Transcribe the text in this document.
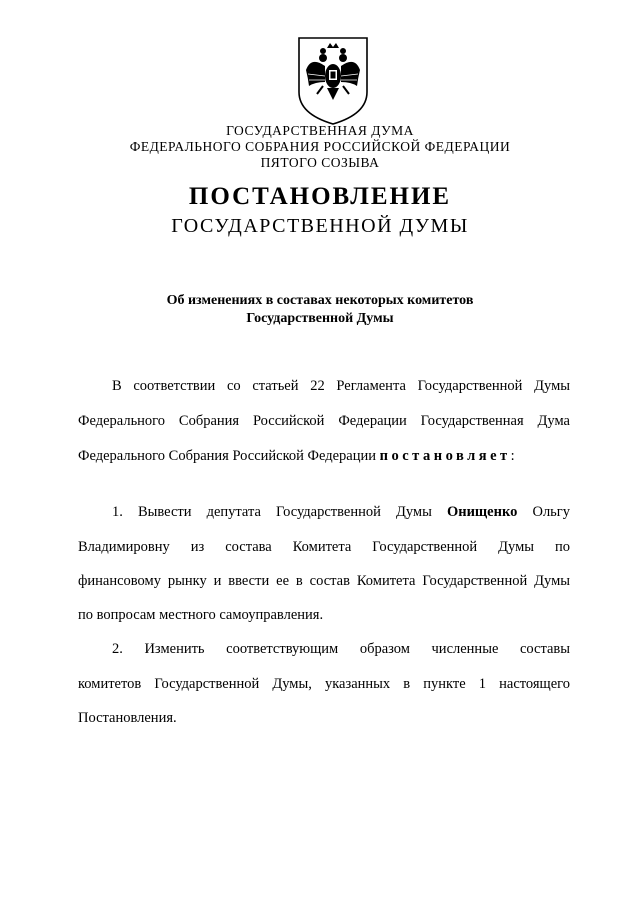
ГОСУДАРСТВЕННАЯ ДУМА
ФЕДЕРАЛЬНОГО СОБРАНИЯ РОССИЙСКОЙ ФЕДЕРАЦИИ
ПЯТОГО СОЗЫВА
ПОСТАНОВЛЕНИЕ
ГОСУДАРСТВЕННОЙ ДУМЫ
Об изменениях в составах некоторых комитетов
Государственной Думы
В соответствии со статьей 22 Регламента Государственной Думы
Федерального Собрания Российской Федерации Государственная Дума
Федерального Собрания Российской Федерации постановляет:
1. Вывести депутата Государственной Думы Онищенко Ольгу
Владимировну из состава Комитета Государственной Думы по
финансовому рынку и ввести ее в состав Комитета Государственной Думы
по вопросам местного самоуправления.
2. Изменить соответствующим образом численные составы
комитетов Государственной Думы, указанных в пункте 1 настоящего
Постановления.
